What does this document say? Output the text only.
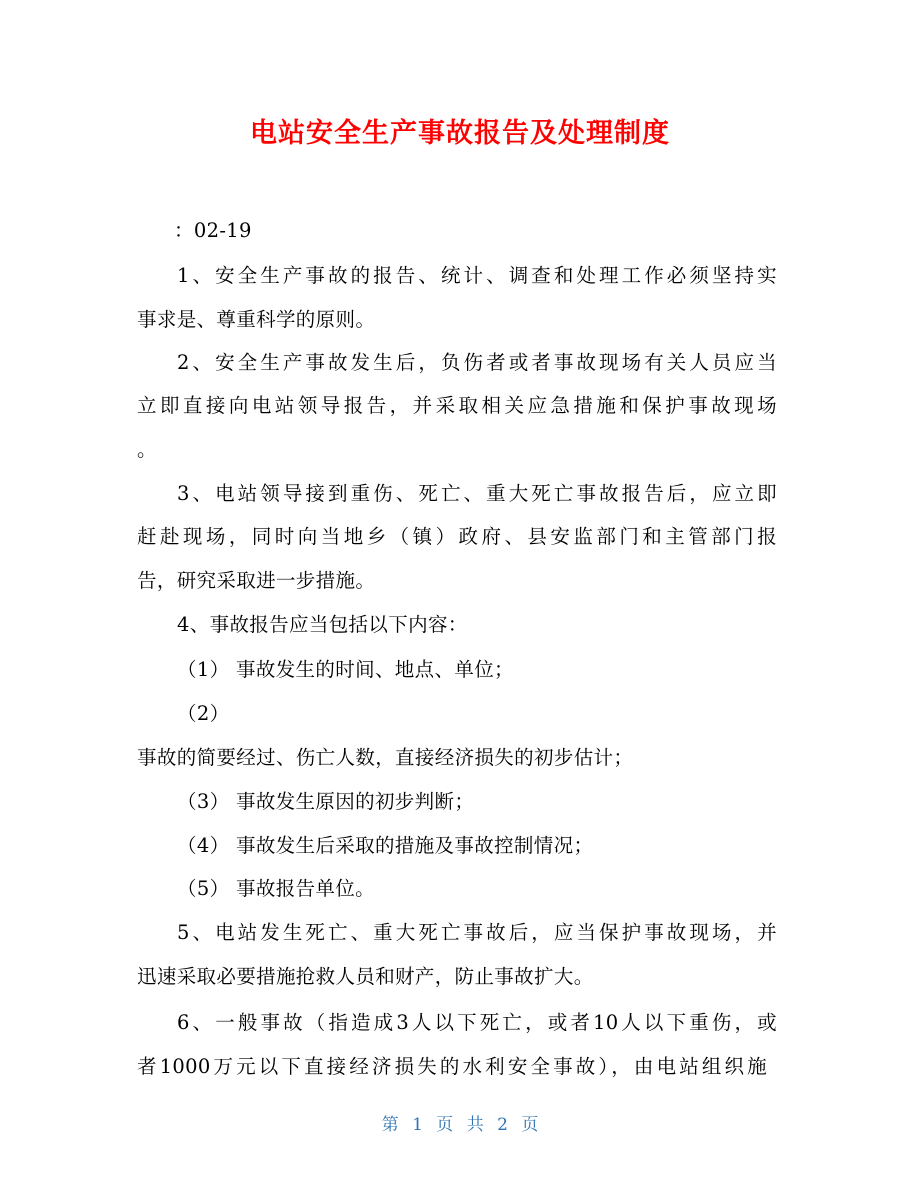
电站安全生产事故报告及处理制度
：02-19
1、安全生产事故的报告、统计、调查和处理工作必须坚持实
事求是、尊重科学的原则。
2、安全生产事故发生后，负伤者或者事故现场有关人员应当
立即直接向电站领导报告，并采取相关应急措施和保护事故现场
。
3、电站领导接到重伤、死亡、重大死亡事故报告后，应立即
赶赴现场，同时向当地乡（镇）政府、县安监部门和主管部门报
告，研究采取进一步措施。
4、事故报告应当包括以下内容：
（1） 事故发生的时间、地点、单位；
（2）
事故的简要经过、伤亡人数，直接经济损失的初步估计；
（3） 事故发生原因的初步判断；
（4） 事故发生后采取的措施及事故控制情况；
（5） 事故报告单位。
5、电站发生死亡、重大死亡事故后，应当保护事故现场，并
迅速采取必要措施抢救人员和财产，防止事故扩大。
6、一般事故（指造成3人以下死亡，或者10人以下重伤，或
者1000万元以下直接经济损失的水利安全事故），由电站组织施
第 1 页 共 2 页
